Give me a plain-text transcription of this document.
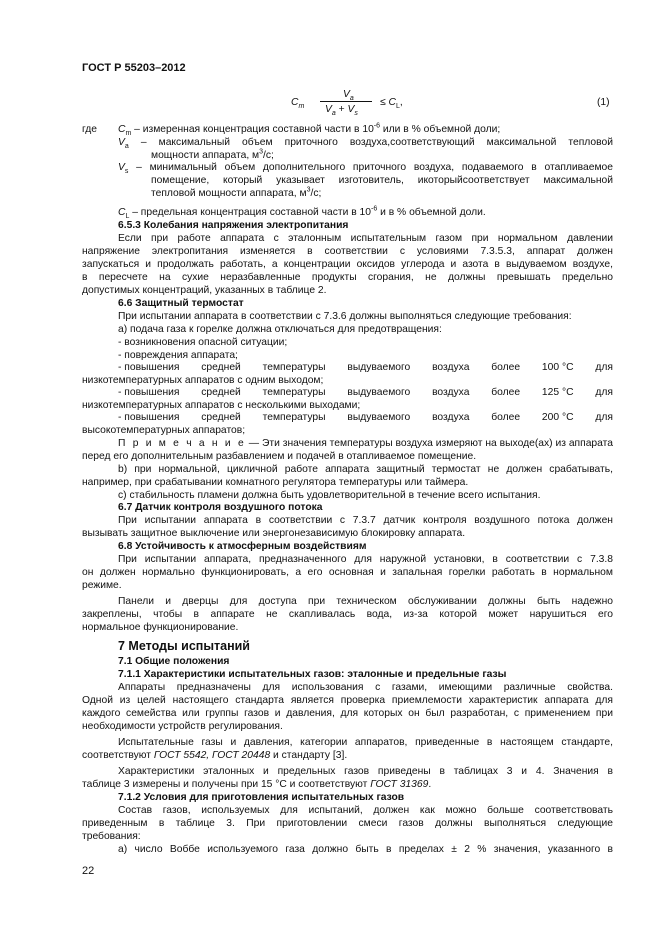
ГОСТ Р 55203–2012
$C_m$
$V_a$
$V_a + V_s$
≤ $C_L$,	(1)
где $C_m$ – измеренная концентрация составной части в $10^{-6}$ или в % объемной доли;
$V_a$ – максимальный объем приточного воздуха,соответствующий максимальной тепловой
мощности аппарата, $м^3/с$;
$V_s$ – минимальный объем дополнительного приточного воздуха, подаваемого в отапливаемое
помещение, который указывает изготовитель, икоторыйсоответствует максимальной
тепловой мощности аппарата, $м^3/с$;
$C_L$ – предельная концентрация составной части в $10^{-6}$ и в % объемной доли.
6.5.3 Колебания напряжения электропитания
Если при работе аппарата с эталонным испытательным газом при нормальном давлении
напряжение электропитания изменяется в соответствии с условиями 7.3.5.3, аппарат должен
запускаться и продолжать работать, а концентрации оксидов углерода и азота в выдуваемом воздухе,
в пересчете на сухие неразбавленные продукты сгорания, не должны превышать предельно
допустимых концентраций, указанных в таблице 2.
6.6 Защитный термостат
При испытании аппарата в соответствии с 7.3.6 должны выполняться следующие требования:
а) подача газа к горелке должна отключаться для предотвращения:
- возникновения опасной ситуации;
- повреждения аппарата;
- повышения средней температуры выдуваемого воздуха более 100 °C для
низкотемпературных аппаратов с одним выходом;
- повышения средней температуры выдуваемого воздуха более 125 °C для
низкотемпературных аппаратов с несколькими выходами;
- повышения средней температуры выдуваемого воздуха более 200 °C для
высокотемпературных аппаратов;
П р и м е ч а н и е — Эти значения температуры воздуха измеряют на выходе(ах) из аппарата
перед его дополнительным разбавлением и подачей в отапливаемое помещение.
b) при нормальной, цикличной работе аппарата защитный термостат не должен срабатывать,
например, при срабатывании комнатного регулятора температуры или таймера.
с) стабильность пламени должна быть удовлетворительной в течение всего испытания.
6.7 Датчик контроля воздушного потока
При испытании аппарата в соответствии с 7.3.7 датчик контроля воздушного потока должен
вызывать защитное выключение или энергонезависимую блокировку аппарата.
6.8 Устойчивость к атмосферным воздействиям
При испытании аппарата, предназначенного для наружной установки, в соответствии с 7.3.8
он должен нормально функционировать, а его основная и запальная горелки работать в нормальном
режиме.
Панели и дверцы для доступа при техническом обслуживании должны быть надежно
закреплены, чтобы в аппарате не скапливалась вода, из-за которой может нарушиться его
нормальное функционирование.
7 Методы испытаний
7.1 Общие положения
7.1.1 Характеристики испытательных газов: эталонные и предельные газы
Аппараты предназначены для использования с газами, имеющими различные свойства.
Одной из целей настоящего стандарта является проверка приемлемости характеристик аппарата для
каждого семейства или группы газов и давления, для которых он был разработан, с применением при
необходимости устройств регулирования.
Испытательные газы и давления, категории аппаратов, приведенные в настоящем стандарте,
соответствуют ГОСТ 5542, ГОСТ 20448 и стандарту [3].
Характеристики эталонных и предельных газов приведены в таблицах 3 и 4. Значения в
таблице 3 измерены и получены при 15 °С и соответствуют ГОСТ 31369.
7.1.2 Условия для приготовления испытательных газов
Состав газов, используемых для испытаний, должен как можно больше соответствовать
приведенным в таблице 3. При приготовлении смеси газов должны выполняться следующие
требования:
а) число Воббе используемого газа должно быть в пределах ± 2 % значения, указанного в
22
